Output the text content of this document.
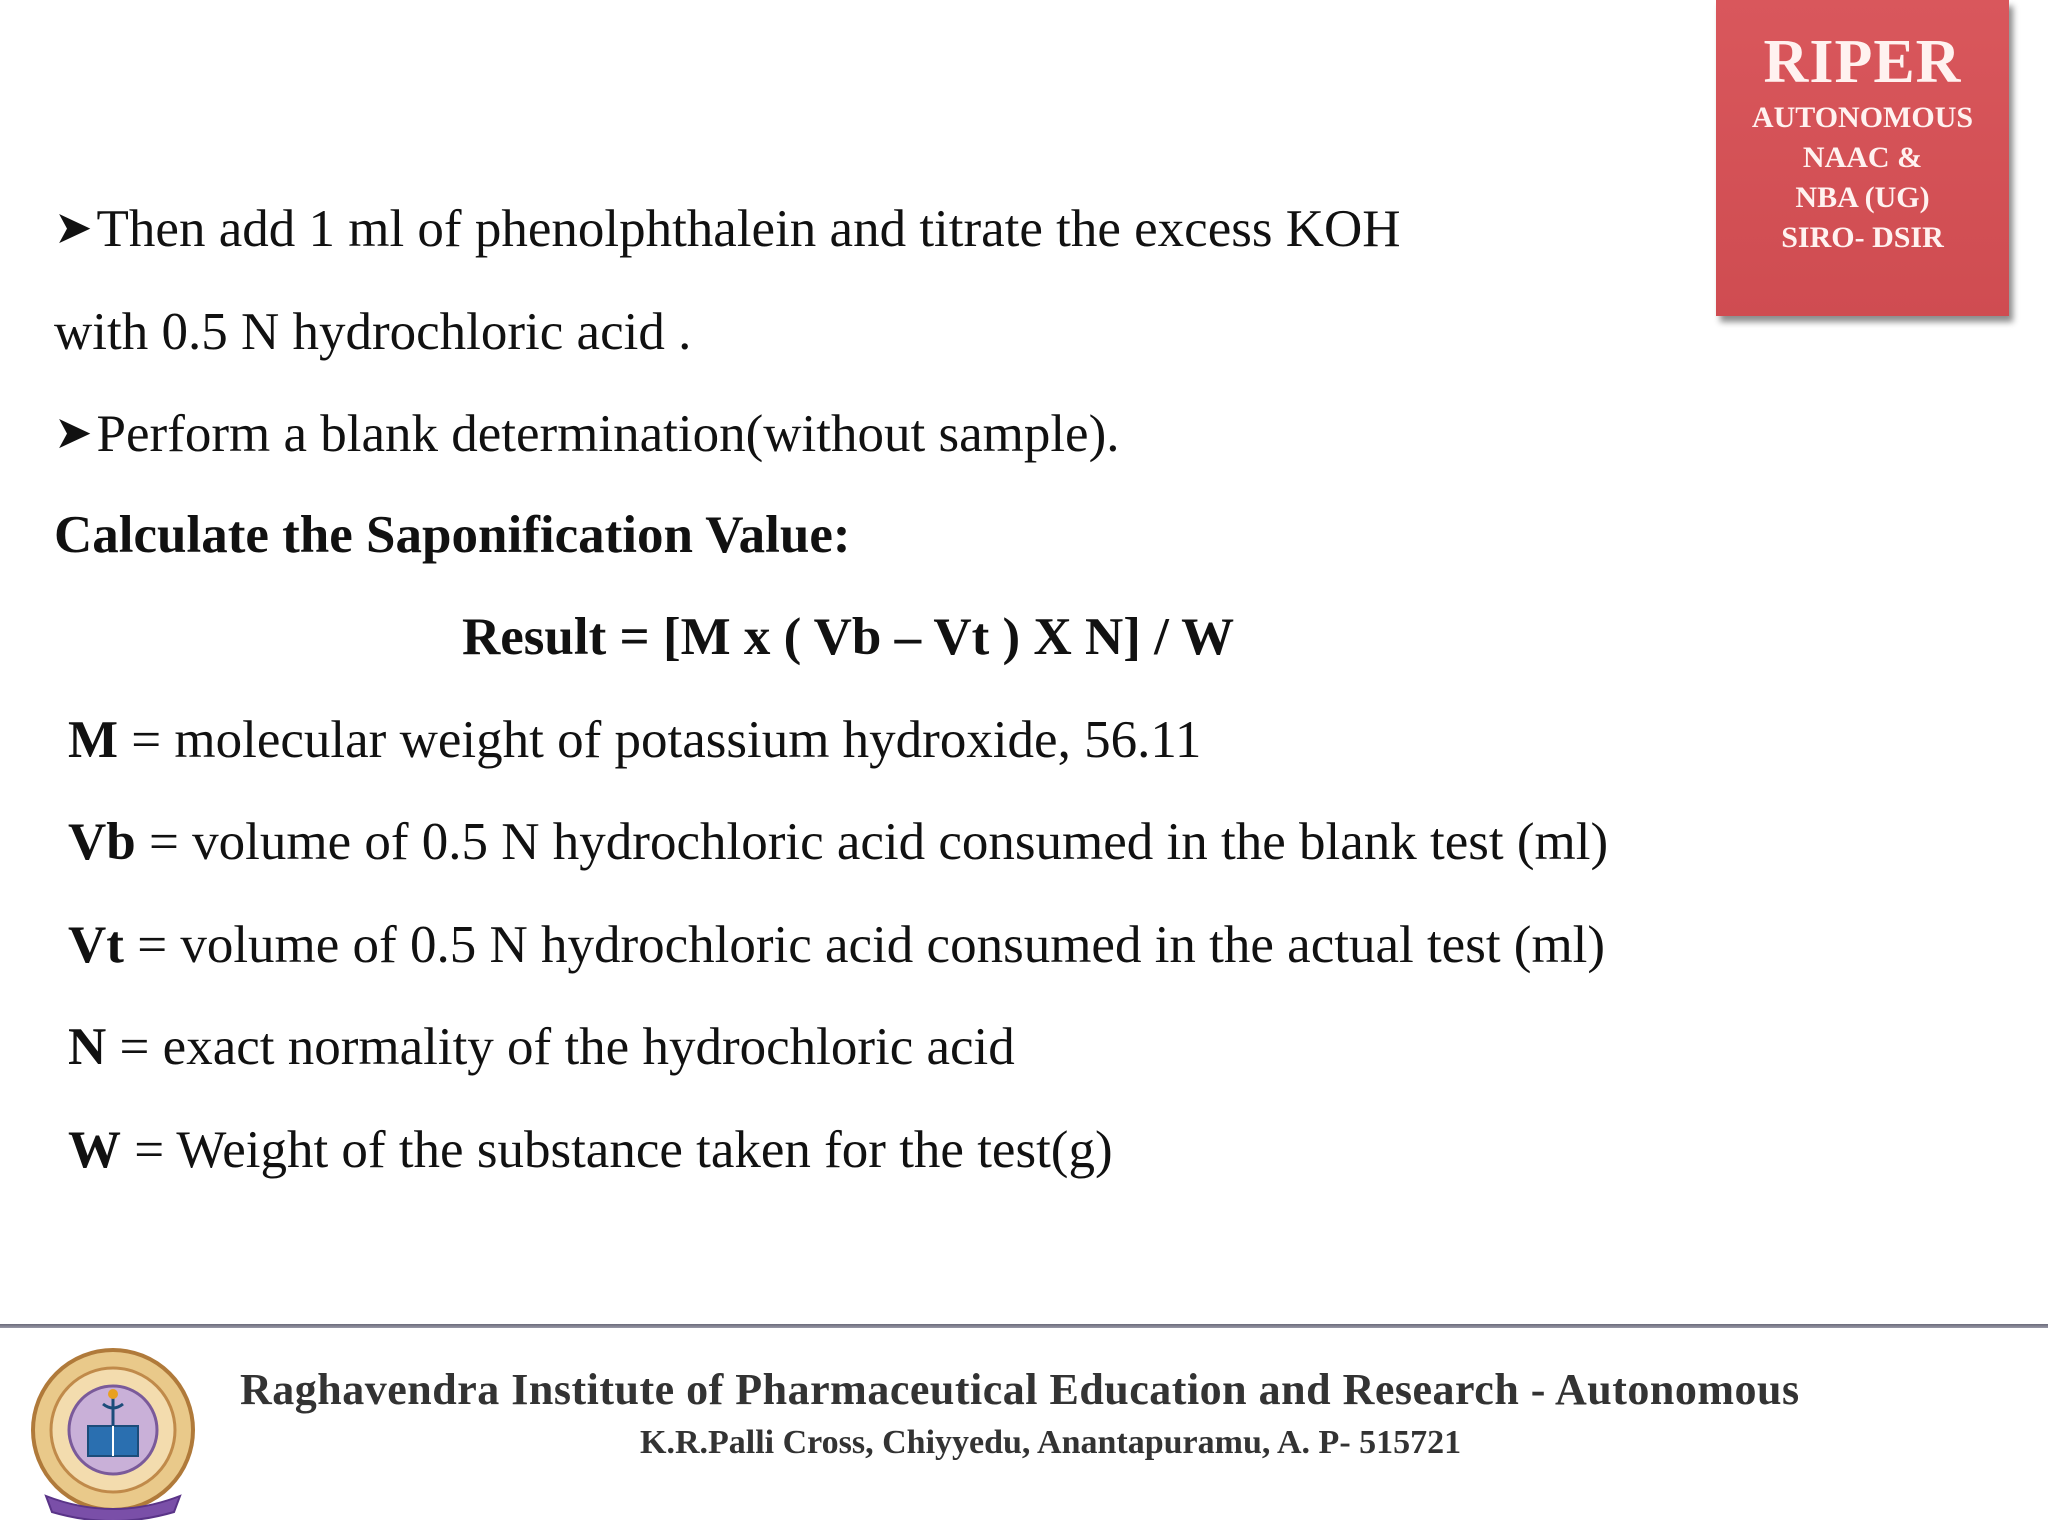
RIPER
AUTONOMOUS
NAAC &
NBA (UG)
SIRO- DSIR
➤Then add 1 ml of phenolphthalein and titrate the excess KOH
with 0.5 N hydrochloric acid .
➤Perform a blank determination(without sample).
Calculate the Saponification Value:
Result = [M x ( Vb – Vt ) X N] / W
M = molecular weight of potassium hydroxide, 56.11
Vb = volume of 0.5 N hydrochloric acid consumed in the blank test (ml)
Vt = volume of 0.5 N hydrochloric acid consumed in the actual test (ml)
N = exact normality of the hydrochloric acid
W = Weight of the substance taken for the test(g)
Raghavendra Institute of Pharmaceutical Education and Research - Autonomous
K.R.Palli Cross, Chiyyedu, Anantapuramu, A. P- 515721
